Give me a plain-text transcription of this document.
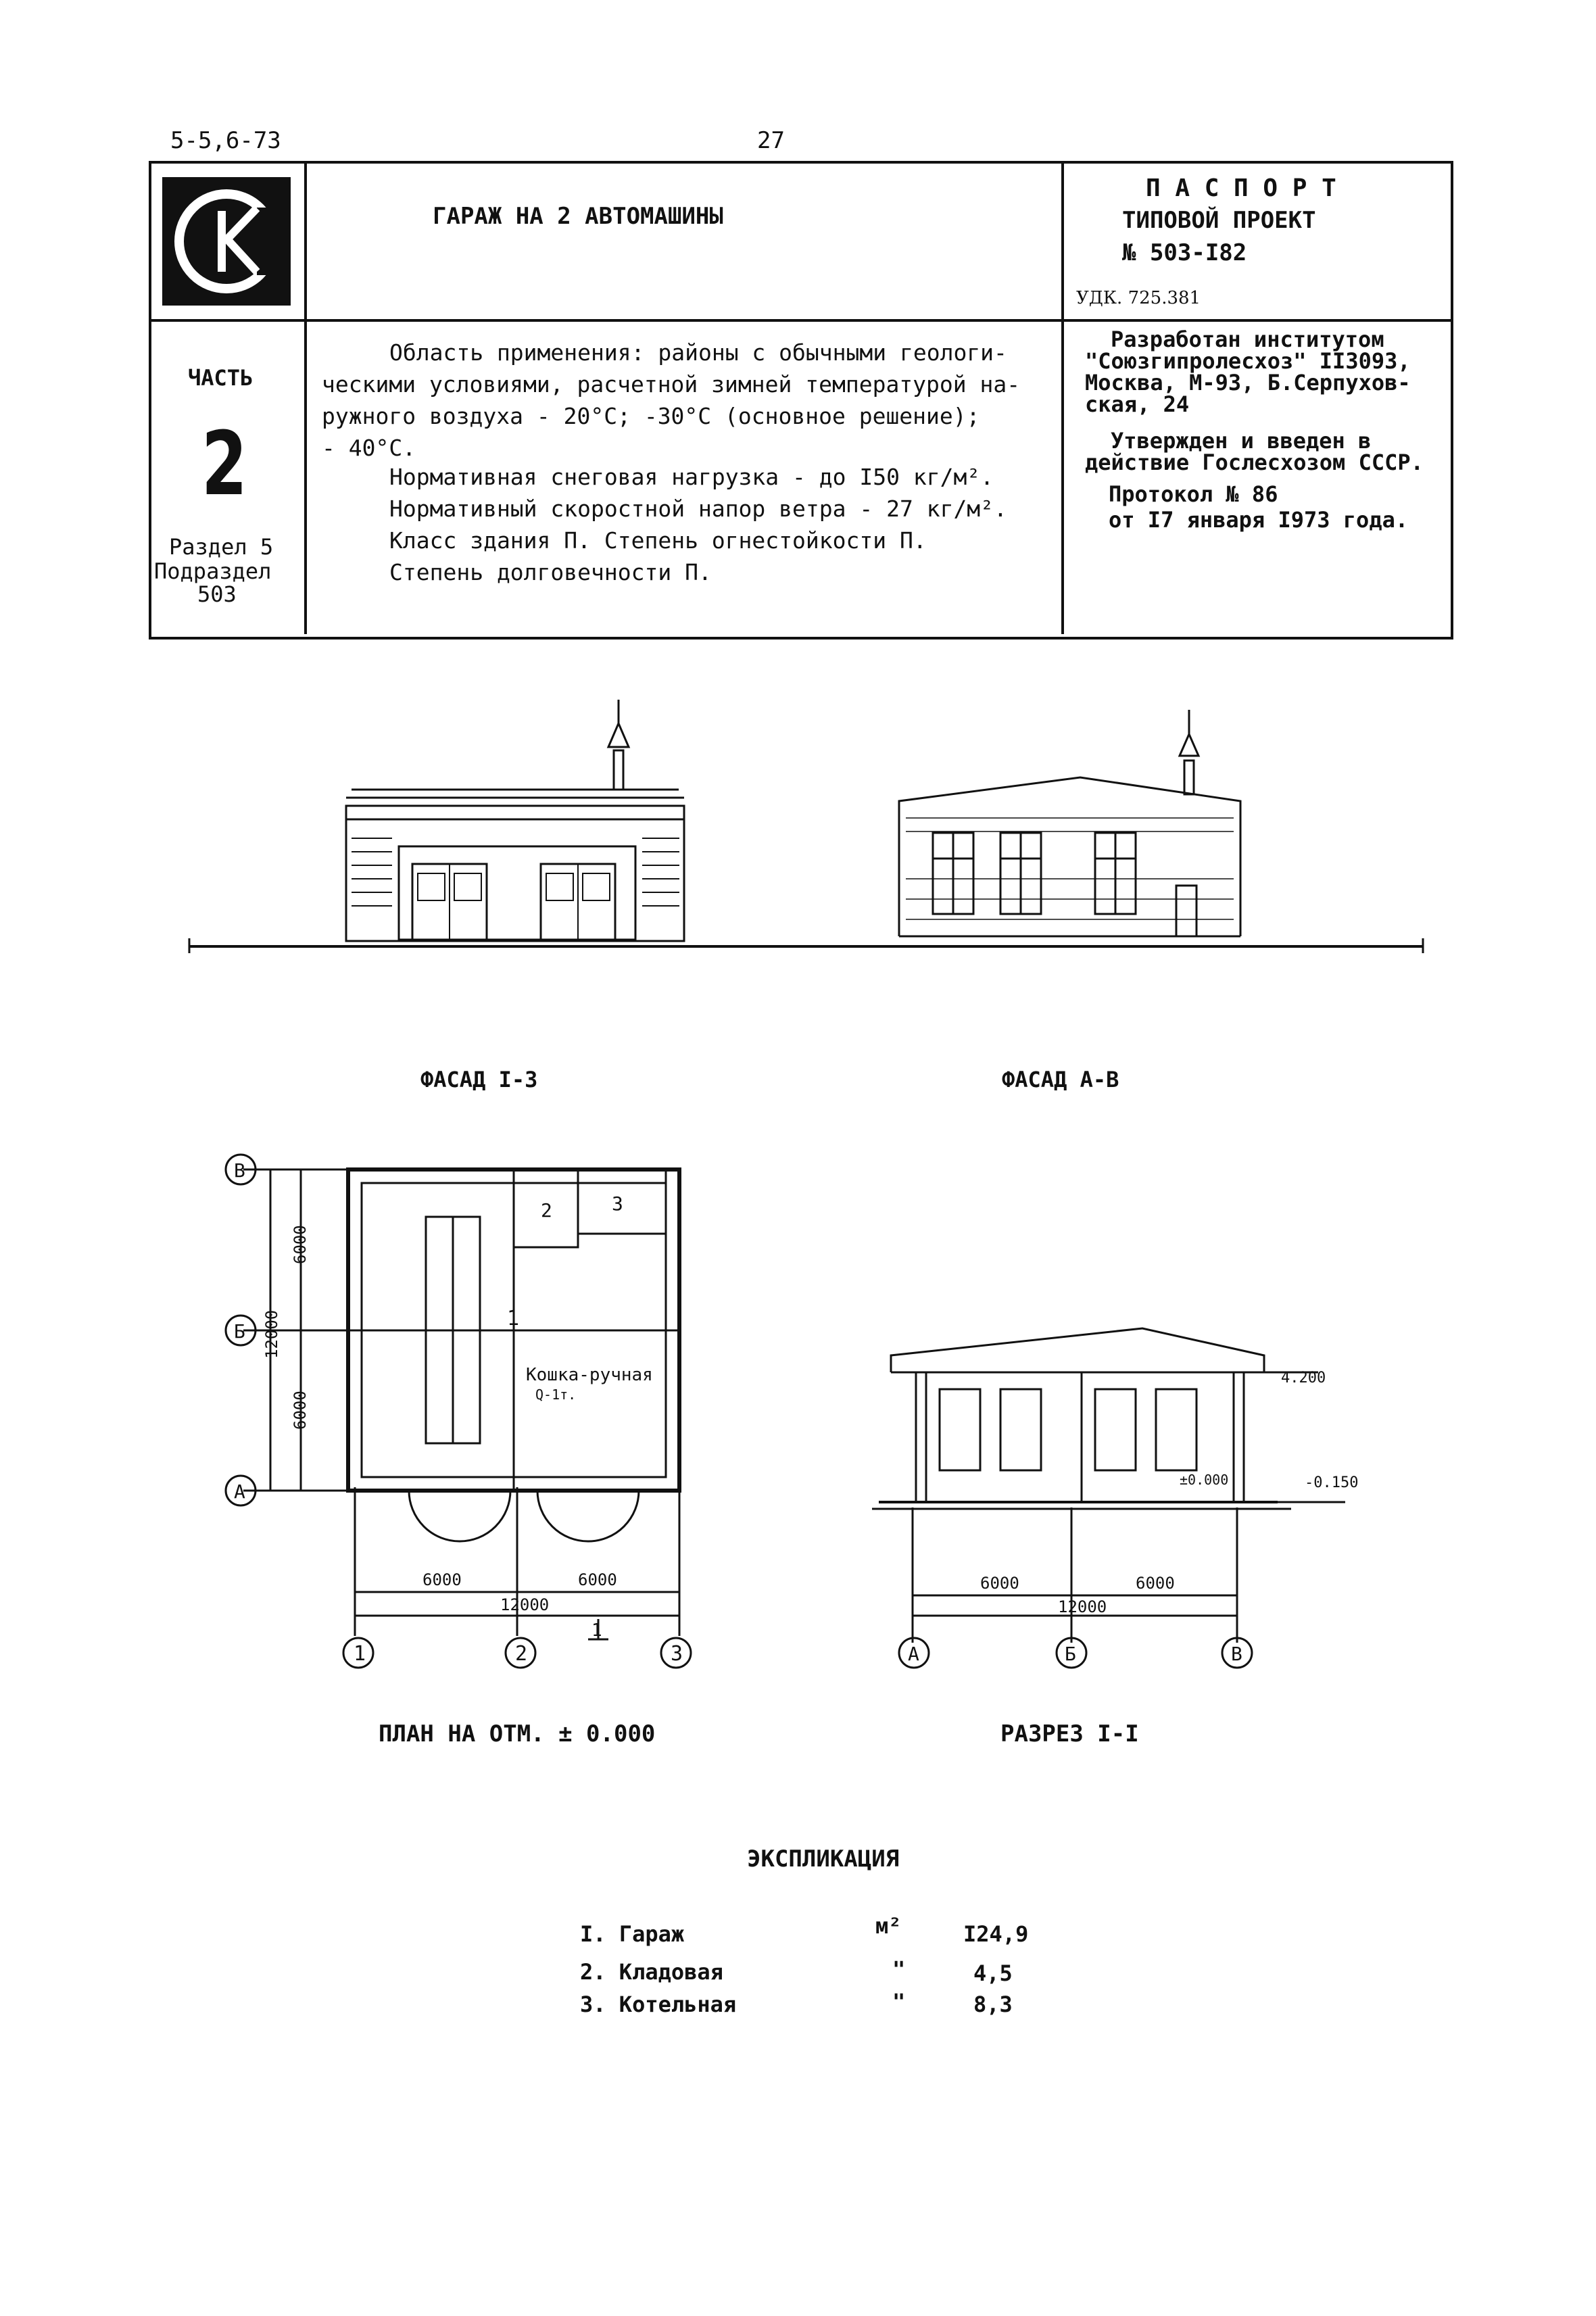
5-5,6-73	27
ГАРАЖ НА 2 АВТОМАШИНЫ
П А С П О Р Т
ТИПОВОЙ ПРОЕКТ
№ 503-I82
УДК. 725.381
ЧАСТЬ
2
Раздел 5
Подраздел
503
Область применения: районы с обычными геологи-
ческими условиями, расчетной зимней температурой на-
ружного воздуха - 20°С; -30°С (основное решение);
- 40°С.
Нормативная снеговая нагрузка - до I50 кг/м².
Нормативный скоростной напор ветра - 27 кг/м².
Класс здания П. Степень огнестойкости П.
Степень долговечности П.
Разработан институтом
"Союзгипролесхоз" II3093,
Москва, М-93, Б.Серпухов-
ская, 24
Утвержден и введен в
действие Гослесхозом СССР.
Протокол № 86
от I7 января I973 года.
ФАСАД I-3	ФАСАД А-В
1	2	3
В
Б
А
6000	6000
12000
6000
6000
12000	1
2	3
Кошка-ручная
Q-1т.
1
А	Б	В
6000	6000
12000
4.200
±0.000	-0.150
ПЛАН НА ОТМ. ± 0.000	РАЗРЕЗ I-I
ЭКСПЛИКАЦИЯ
I. Гараж	м²	I24,9
2. Кладовая	"	4,5
3. Котельная	"	8,3
